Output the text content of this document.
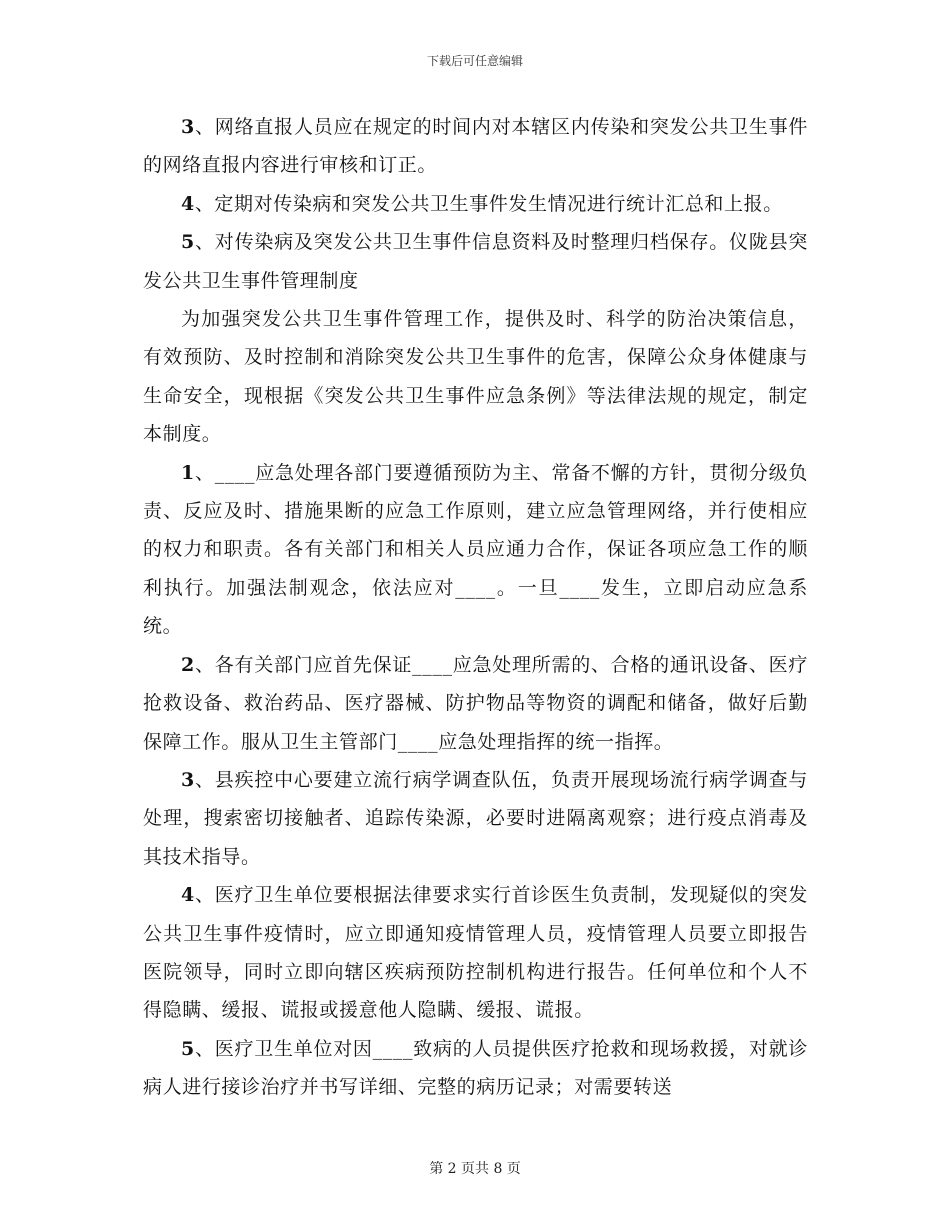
下载后可任意编辑

3、网络直报人员应在规定的时间内对本辖区内传染和突发公共卫生事件的网络直报内容进行审核和订正。

4、定期对传染病和突发公共卫生事件发生情况进行统计汇总和上报。

5、对传染病及突发公共卫生事件信息资料及时整理归档保存。仪陇县突发公共卫生事件管理制度

为加强突发公共卫生事件管理工作，提供及时、科学的防治决策信息，有效预防、及时控制和消除突发公共卫生事件的危害，保障公众身体健康与生命安全，现根据《突发公共卫生事件应急条例》等法律法规的规定，制定本制度。

1、____应急处理各部门要遵循预防为主、常备不懈的方针，贯彻分级负责、反应及时、措施果断的应急工作原则，建立应急管理网络，并行使相应的权力和职责。各有关部门和相关人员应通力合作，保证各项应急工作的顺利执行。加强法制观念，依法应对____。一旦____发生，立即启动应急系统。

2、各有关部门应首先保证____应急处理所需的、合格的通讯设备、医疗抢救设备、救治药品、医疗器械、防护物品等物资的调配和储备，做好后勤保障工作。服从卫生主管部门____应急处理指挥的统一指挥。

3、县疾控中心要建立流行病学调查队伍，负责开展现场流行病学调查与处理，搜索密切接触者、追踪传染源，必要时进隔离观察；进行疫点消毒及其技术指导。

4、医疗卫生单位要根据法律要求实行首诊医生负责制，发现疑似的突发公共卫生事件疫情时，应立即通知疫情管理人员，疫情管理人员要立即报告医院领导，同时立即向辖区疾病预防控制机构进行报告。任何单位和个人不得隐瞒、缓报、谎报或援意他人隐瞒、缓报、谎报。

5、医疗卫生单位对因____致病的人员提供医疗抢救和现场救援，对就诊病人进行接诊治疗并书写详细、完整的病历记录；对需要转送

第 2 页共 8 页
